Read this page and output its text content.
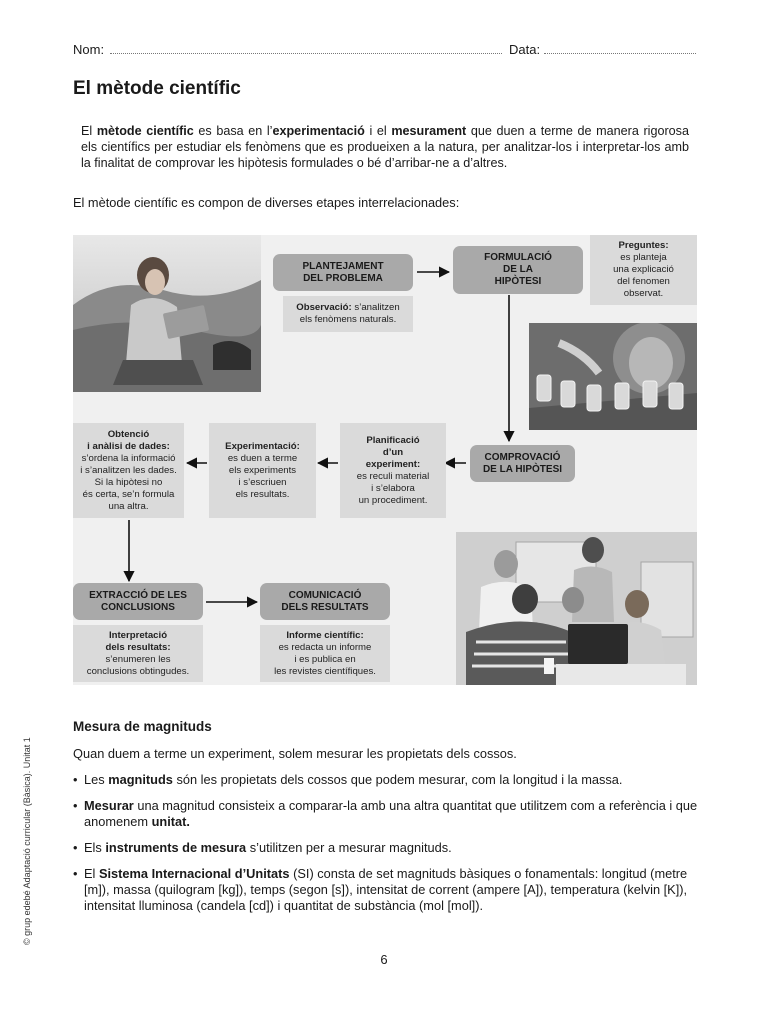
Nom:	Data:
El mètode científic

El mètode científic es basa en l’experimentació i el mesurament que duen a terme de manera rigorosa els científics per estudiar els fenòmens que es produeixen a la natura, per analitzar-los i interpretar-los amb la finalitat de comprovar les hipòtesis formulades o bé d’arribar-ne a d’altres.

El mètode científic es compon de diverses etapes interrelacionades:
PLANTEJAMENT
DEL PROBLEMA
Observació: s’analitzen
els fenòmens naturals.
FORMULACIÓ
DE LA
HIPÒTESI
Preguntes:
es planteja
una explicació
del fenomen
observat.
COMPROVACIÓ
DE LA HIPÒTESI
Planificació
d’un
experiment:
es reculi material
i s’elabora
un procediment.
Experimentació:
es duen a terme
els experiments
i s’escriuen
els resultats.
Obtenció
i anàlisi de dades:
s’ordena la informació
i s’analitzen les dades.
Si la hipòtesi no
és certa, se’n formula
una altra.
EXTRACCIÓ DE LES
CONCLUSIONS
COMUNICACIÓ
DELS RESULTATS
Interpretació
dels resultats:
s’enumeren les
conclusions obtingudes.
Informe científic:
es redacta un informe
i es publica en
les revistes científiques.
Mesura de magnituds
Quan duem a terme un experiment, solem mesurar les propietats dels cossos.
• Les magnituds són les propietats dels cossos que podem mesurar, com la longitud i la massa.
• Mesurar una magnitud consisteix a comparar-la amb una altra quantitat que utilitzem com a referència i que anomenem unitat.
• Els instruments de mesura s’utilitzen per a mesurar magnituds.
• El Sistema Internacional d’Unitats (SI) consta de set magnituds bàsiques o fonamentals: longitud (metre [m]), massa (quilogram [kg]), temps (segon [s]), intensitat de corrent (ampere [A]), temperatura (kelvin [K]), intensitat lluminosa (candela [cd]) i quantitat de substància (mol [mol]).
© grup edebé Adaptació curricular (Bàsica). Unitat 1
6
